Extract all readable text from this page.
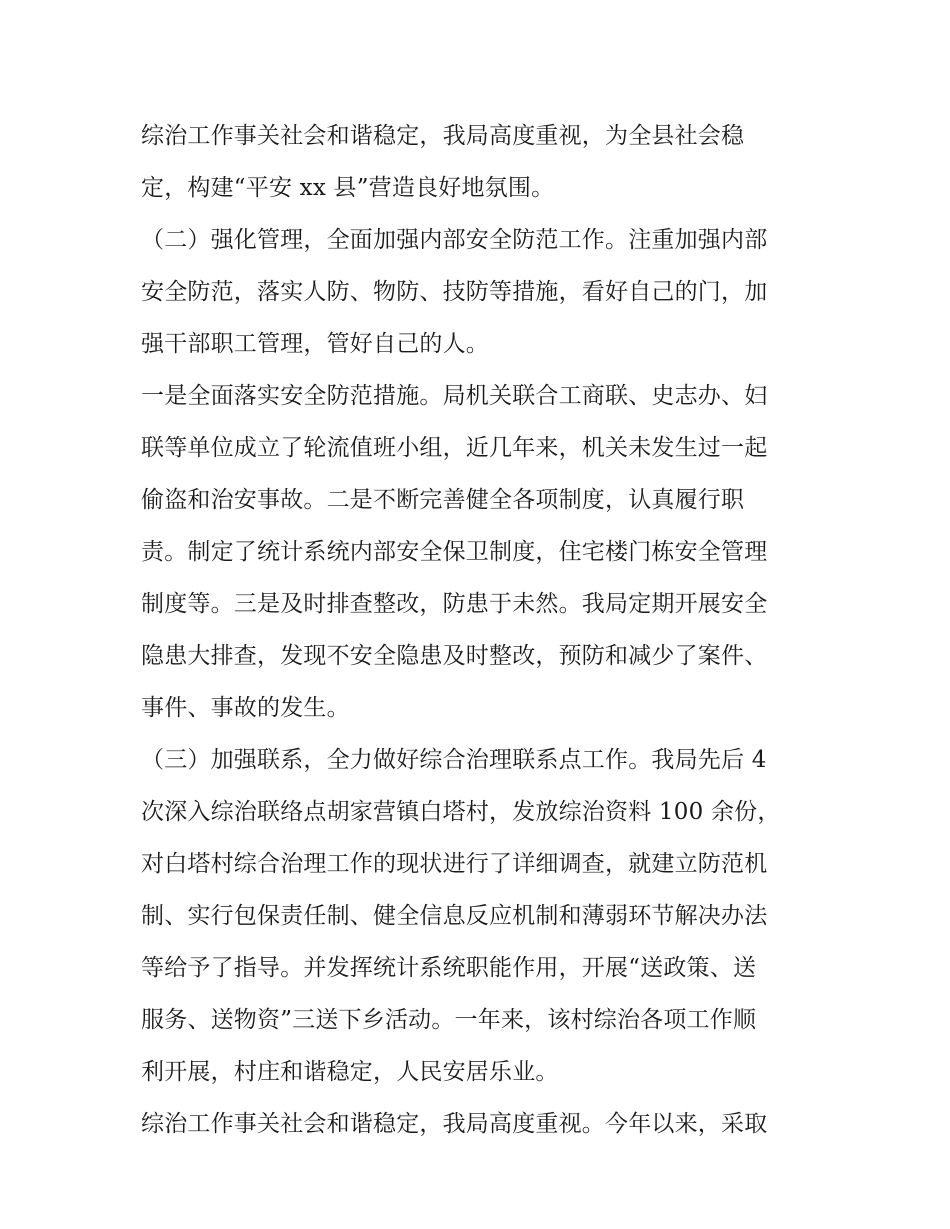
综治工作事关社会和谐稳定，我局高度重视，为全县社会稳
定，构建“平安 xx 县”营造良好地氛围。
（二）强化管理，全面加强内部安全防范工作。注重加强内部
安全防范，落实人防、物防、技防等措施，看好自己的门，加
强干部职工管理，管好自己的人。
一是全面落实安全防范措施。局机关联合工商联、史志办、妇
联等单位成立了轮流值班小组，近几年来，机关未发生过一起
偷盗和治安事故。二是不断完善健全各项制度，认真履行职
责。制定了统计系统内部安全保卫制度，住宅楼门栋安全管理
制度等。三是及时排查整改，防患于未然。我局定期开展安全
隐患大排查，发现不安全隐患及时整改，预防和减少了案件、
事件、事故的发生。
（三）加强联系，全力做好综合治理联系点工作。我局先后 4
次深入综治联络点胡家营镇白塔村，发放综治资料 100 余份，
对白塔村综合治理工作的现状进行了详细调查，就建立防范机
制、实行包保责任制、健全信息反应机制和薄弱环节解决办法
等给予了指导。并发挥统计系统职能作用，开展“送政策、送
服务、送物资”三送下乡活动。一年来，该村综治各项工作顺
利开展，村庄和谐稳定，人民安居乐业。
综治工作事关社会和谐稳定，我局高度重视。今年以来，采取
